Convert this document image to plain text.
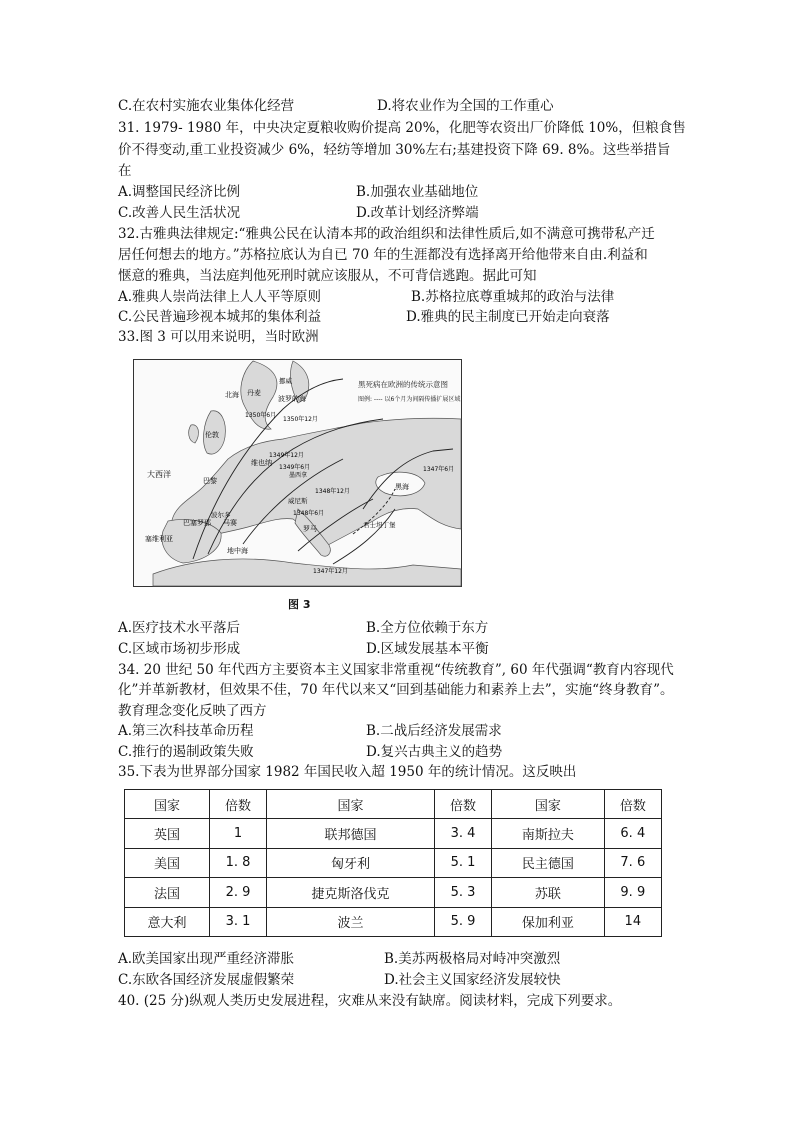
C.在农村实施农业集体化经营	D.将农业作为全国的工作重心
31. 1979- 1980 年，中央决定夏粮收购价提高 20%，化肥等农资出厂价降低 10%，但粮食售
价不得变动,重工业投资减少 6%，轻纺等增加 30%左右;基建投资下降 69. 8%。这些举措旨
在
A.调整国民经济比例	B.加强农业基础地位
C.改善人民生活状况	D.改革计划经济弊端
32.古雅典法律规定:“雅典公民在认清本邦的政治组织和法律性质后,如不满意可携带私产迁
居任何想去的地方。”苏格拉底认为自已 70 年的生涯都没有选择离开给他带来自由.利益和
惬意的雅典，当法庭判他死刑时就应该服从，不可背信逃跑。据此可知
A.雅典人崇尚法律上人人平等原则	B.苏格拉底尊重城邦的政治与法律
C.公民普遍珍视本城邦的集体利益	D.雅典的民主制度已开始走向衰落
33.图 3 可以用来说明，当时欧洲
黑死病在欧洲的传统示意图
图例: ---- 以6个月为间隔传播扩展区域
北海 丹麦
挪威
波罗的海
1350年12月
1350年6月
伦敦
1349年12月
1349年6月
墨西拿
大西洋
巴黎
维也纳
1348年12月
威尼斯
1348年6月
1347年6月
黑海
君士坦丁堡
巴塞罗那 马赛
波尔多
罗马
塞维利亚
地中海
1347年12月
图 3
A.医疗技术水平落后	B.全方位依赖于东方
C.区域市场初步形成	D.区域发展基本平衡
34. 20 世纪 50 年代西方主要资本主义国家非常重视“传统教育”, 60 年代强调“教育内容现代
化”并革新教材，但效果不佳，70 年代以来又“回到基础能力和素养上去”，实施“终身教育”。
教育理念变化反映了西方
A.第三次科技革命历程	B.二战后经济发展需求
C.推行的遏制政策失败	D.复兴古典主义的趋势
35.下表为世界部分国家 1982 年国民收入超 1950 年的统计情况。这反映出
国家	倍数	国家	倍数	国家	倍数
英国	1	联邦德国	3. 4	南斯拉夫	6. 4
美国	1. 8	匈牙利	5. 1	民主德国	7. 6
法国	2. 9	捷克斯洛伐克	5. 3	苏联	9. 9
意大利	3. 1	波兰	5. 9	保加利亚	14
A.欧美国家出现严重经济滞胀	B.美苏两极格局对峙冲突激烈
C.东欧各国经济发展虚假繁荣	D.社会主义国家经济发展较快
40. (25 分)纵观人类历史发展进程，灾难从来没有缺席。阅读材料，完成下列要求。
